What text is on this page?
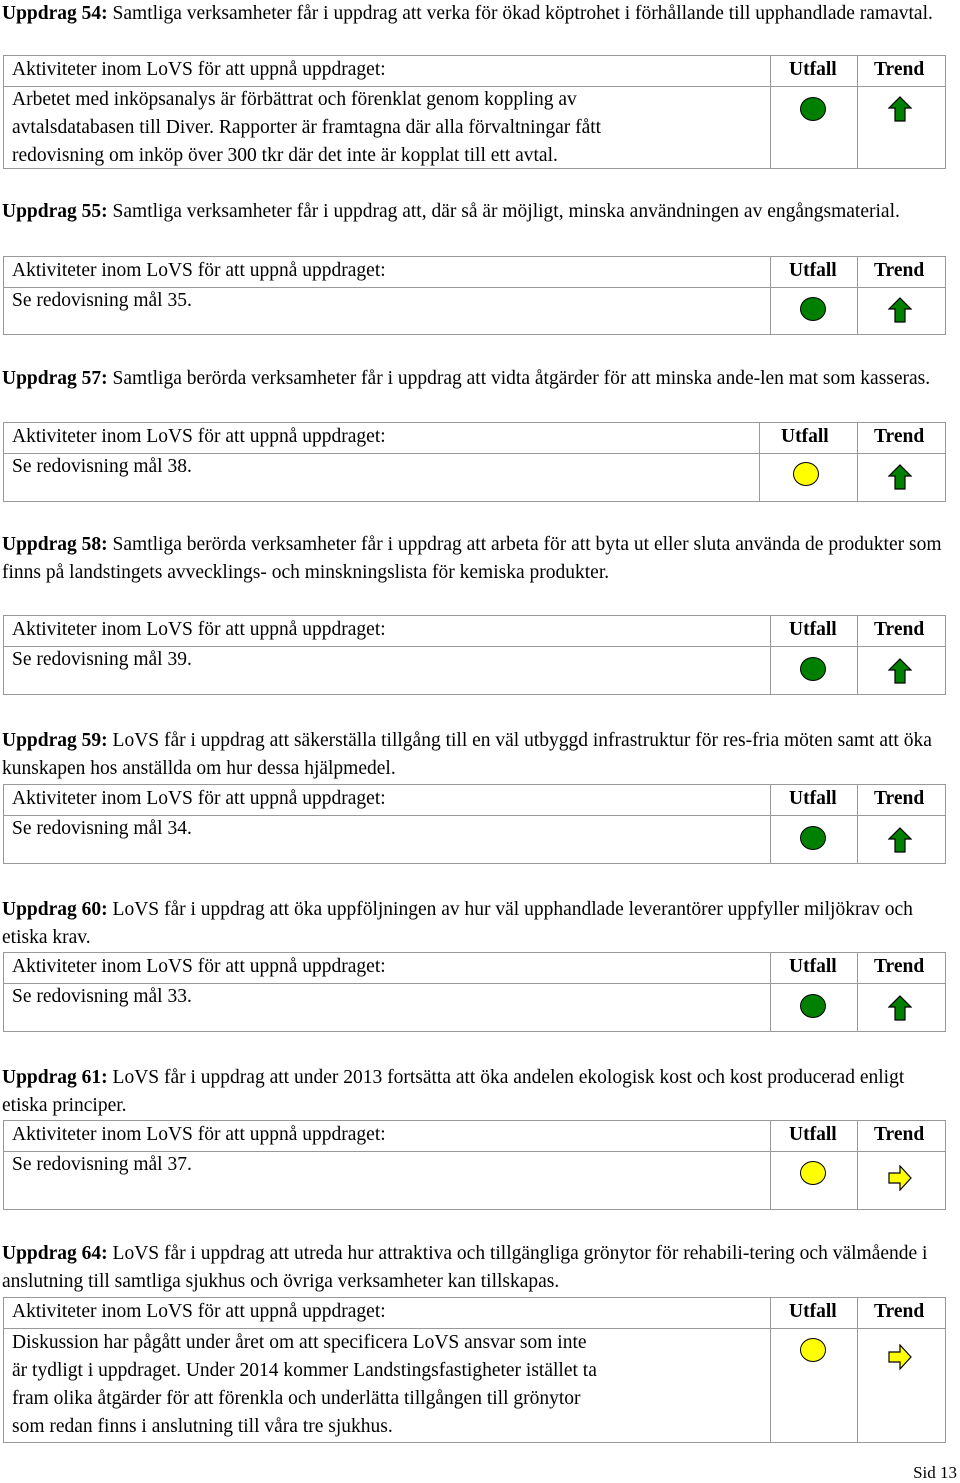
Uppdrag 54: Samtliga verksamheter får i uppdrag att verka för ökad köptrohet i förhållande till upphandlade ramavtal.
Aktiviteter inom LoVS för att uppnå uppdraget:	Utfall Trend
Arbetet med inköpsanalys är förbättrat och förenklat genom koppling av
avtalsdatabasen till Diver. Rapporter är framtagna där alla förvaltningar fått
redovisning om inköp över 300 tkr där det inte är kopplat till ett avtal.
Uppdrag 55: Samtliga verksamheter får i uppdrag att, där så är möjligt, minska användningen av engångsmaterial.
Aktiviteter inom LoVS för att uppnå uppdraget:	Utfall Trend
Se redovisning mål 35.
Uppdrag 57: Samtliga berörda verksamheter får i uppdrag att vidta åtgärder för att minska ande-len mat som kasseras.
Aktiviteter inom LoVS för att uppnå uppdraget:	Utfall Trend
Se redovisning mål 38.
Uppdrag 58: Samtliga berörda verksamheter får i uppdrag att arbeta för att byta ut eller sluta använda de produkter som finns på landstingets avvecklings- och minskningslista för kemiska produkter.
Aktiviteter inom LoVS för att uppnå uppdraget:	Utfall Trend
Se redovisning mål 39.
Uppdrag 59: LoVS får i uppdrag att säkerställa tillgång till en väl utbyggd infrastruktur för res-fria möten samt att öka kunskapen hos anställda om hur dessa hjälpmedel.
Aktiviteter inom LoVS för att uppnå uppdraget:	Utfall Trend
Se redovisning mål 34.
Uppdrag 60: LoVS får i uppdrag att öka uppföljningen av hur väl upphandlade leverantörer uppfyller miljökrav och etiska krav.
Aktiviteter inom LoVS för att uppnå uppdraget:	Utfall Trend
Se redovisning mål 33.
Uppdrag 61: LoVS får i uppdrag att under 2013 fortsätta att öka andelen ekologisk kost och kost producerad enligt etiska principer.
Aktiviteter inom LoVS för att uppnå uppdraget:	Utfall Trend
Se redovisning mål 37.
Uppdrag 64: LoVS får i uppdrag att utreda hur attraktiva och tillgängliga grönytor för rehabili-tering och välmående i anslutning till samtliga sjukhus och övriga verksamheter kan tillskapas.
Aktiviteter inom LoVS för att uppnå uppdraget:	Utfall Trend
Diskussion har pågått under året om att specificera LoVS ansvar som inte
är tydligt i uppdraget. Under 2014 kommer Landstingsfastigheter istället ta
fram olika åtgärder för att förenkla och underlätta tillgången till grönytor
som redan finns i anslutning till våra tre sjukhus.
Sid 13
